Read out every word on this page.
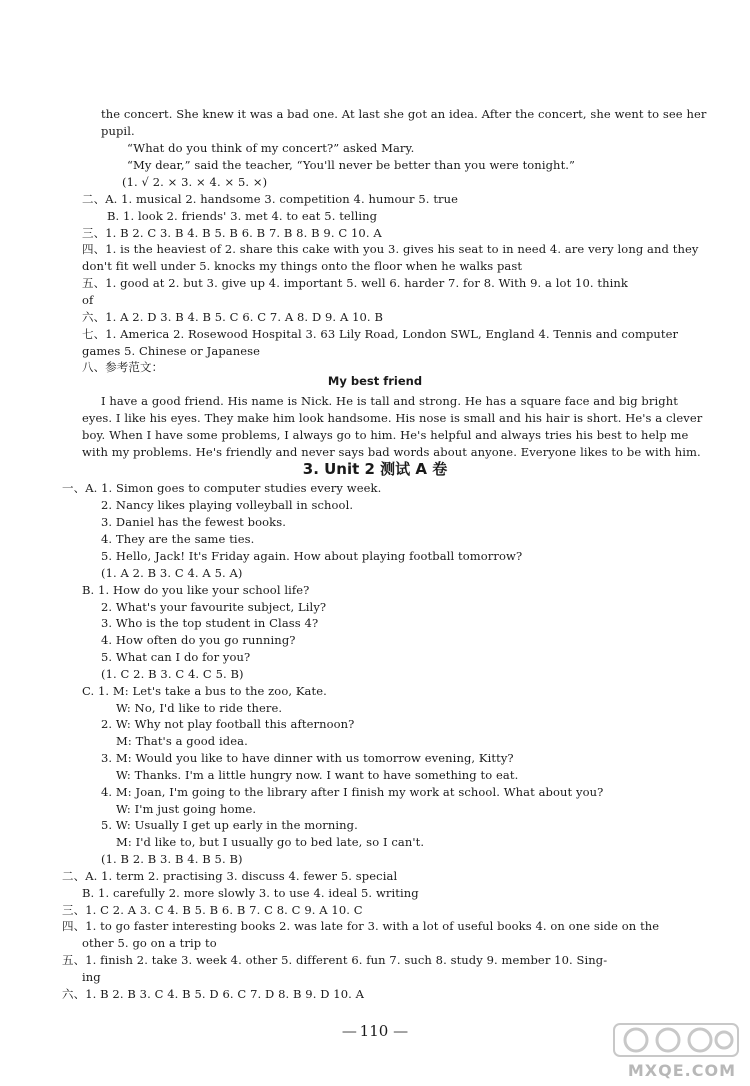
the concert. She knew it was a bad one. At last she got an idea. After the concert, she went to see her
pupil.
“What do you think of my concert?” asked Mary.
“My dear,” said the teacher, “You'll never be better than you were tonight.”
(1. √ 2. × 3. × 4. × 5. ×)
二、A. 1. musical 2. handsome 3. competition 4. humour 5. true
B. 1. look 2. friends' 3. met 4. to eat 5. telling
三、1. B 2. C 3. B 4. B 5. B 6. B 7. B 8. B 9. C 10. A
四、1. is the heaviest of 2. share this cake with you 3. gives his seat to in need 4. are very long and they
don't fit well under 5. knocks my things onto the floor when he walks past
五、1. good at 2. but 3. give up 4. important 5. well 6. harder 7. for 8. With 9. a lot 10. think
of
六、1. A 2. D 3. B 4. B 5. C 6. C 7. A 8. D 9. A 10. B
七、1. America 2. Rosewood Hospital 3. 63 Lily Road, London SWL, England 4. Tennis and computer
games 5. Chinese or Japanese
八、参考范文：
I have a good friend. His name is Nick. He is tall and strong. He has a square face and big bright
eyes. I like his eyes. They make him look handsome. His nose is small and his hair is short. He's a clever
boy. When I have some problems, I always go to him. He's helpful and always tries his best to help me
with my problems. He's friendly and never says bad words about anyone. Everyone likes to be with him.
一、A. 1. Simon goes to computer studies every week.
2. Nancy likes playing volleyball in school.
3. Daniel has the fewest books.
4. They are the same ties.
5. Hello, Jack! It's Friday again. How about playing football tomorrow?
(1. A 2. B 3. C 4. A 5. A)
B. 1. How do you like your school life?
2. What's your favourite subject, Lily?
3. Who is the top student in Class 4?
4. How often do you go running?
5. What can I do for you?
(1. C 2. B 3. C 4. C 5. B)
C. 1. M: Let's take a bus to the zoo, Kate.
W: No, I'd like to ride there.
2. W: Why not play football this afternoon?
M: That's a good idea.
3. M: Would you like to have dinner with us tomorrow evening, Kitty?
W: Thanks. I'm a little hungry now. I want to have something to eat.
4. M: Joan, I'm going to the library after I finish my work at school. What about you?
W: I'm just going home.
5. W: Usually I get up early in the morning.
M: I'd like to, but I usually go to bed late, so I can't.
(1. B 2. B 3. B 4. B 5. B)
二、A. 1. term 2. practising 3. discuss 4. fewer 5. special
B. 1. carefully 2. more slowly 3. to use 4. ideal 5. writing
三、1. C 2. A 3. C 4. B 5. B 6. B 7. C 8. C 9. A 10. C
四、1. to go faster interesting books 2. was late for 3. with a lot of useful books 4. on one side on the
other 5. go on a trip to
五、1. finish 2. take 3. week 4. other 5. different 6. fun 7. such 8. study 9. member 10. Sing-
ing
六、1. B 2. B 3. C 4. B 5. D 6. C 7. D 8. B 9. D 10. A
My best friend
3. Unit 2 测试 A 卷
— 110 —
MXQE.COM
